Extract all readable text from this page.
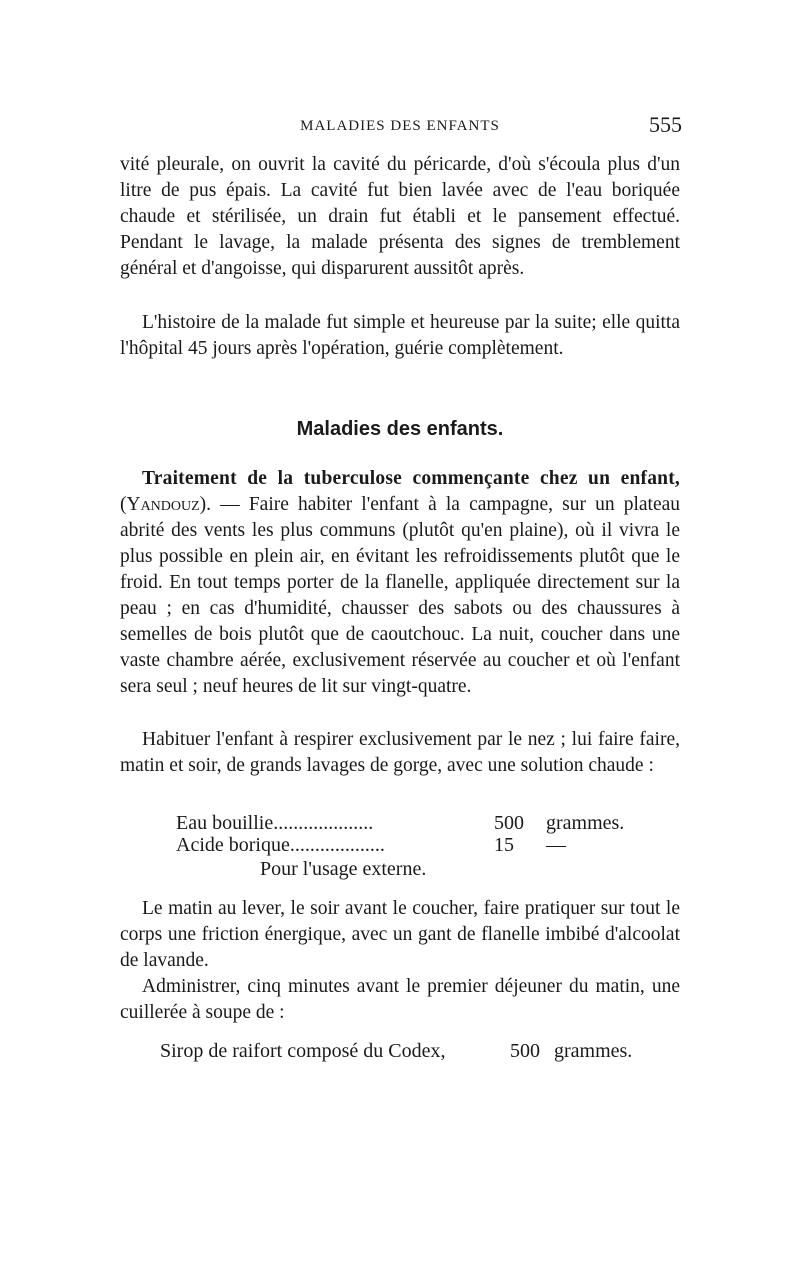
MALADIES DES ENFANTS	555

vité pleurale, on ouvrit la cavité du péricarde, d'où s'écoula plus d'un litre de pus épais. La cavité fut bien lavée avec de l'eau boriquée chaude et stérilisée, un drain fut établi et le pansement effectué. Pendant le lavage, la malade présenta des signes de tremblement général et d'angoisse, qui disparurent aussitôt après.

L'histoire de la malade fut simple et heureuse par la suite; elle quitta l'hôpital 45 jours après l'opération, guérie complètement.

Maladies des enfants.

Traitement de la tuberculose commençante chez un enfant, (Yandouz). — Faire habiter l'enfant à la campagne, sur un plateau abrité des vents les plus communs (plutôt qu'en plaine), où il vivra le plus possible en plein air, en évitant les refroidissements plutôt que le froid. En tout temps porter de la flanelle, appliquée directement sur la peau ; en cas d'humidité, chausser des sabots ou des chaussures à semelles de bois plutôt que de caoutchouc. La nuit, coucher dans une vaste chambre aérée, exclusivement réservée au coucher et où l'enfant sera seul ; neuf heures de lit sur vingt-quatre.

Habituer l'enfant à respirer exclusivement par le nez ; lui faire faire, matin et soir, de grands lavages de gorge, avec une solution chaude :

Eau bouillie....................	500 grammes.
Acide borique...................	15 —
Pour l'usage externe.

Le matin au lever, le soir avant le coucher, faire pratiquer sur tout le corps une friction énergique, avec un gant de flanelle imbibé d'alcoolat de lavande.

Administrer, cinq minutes avant le premier déjeuner du matin, une cuillerée à soupe de :

Sirop de raifort composé du Codex,	500 grammes.
